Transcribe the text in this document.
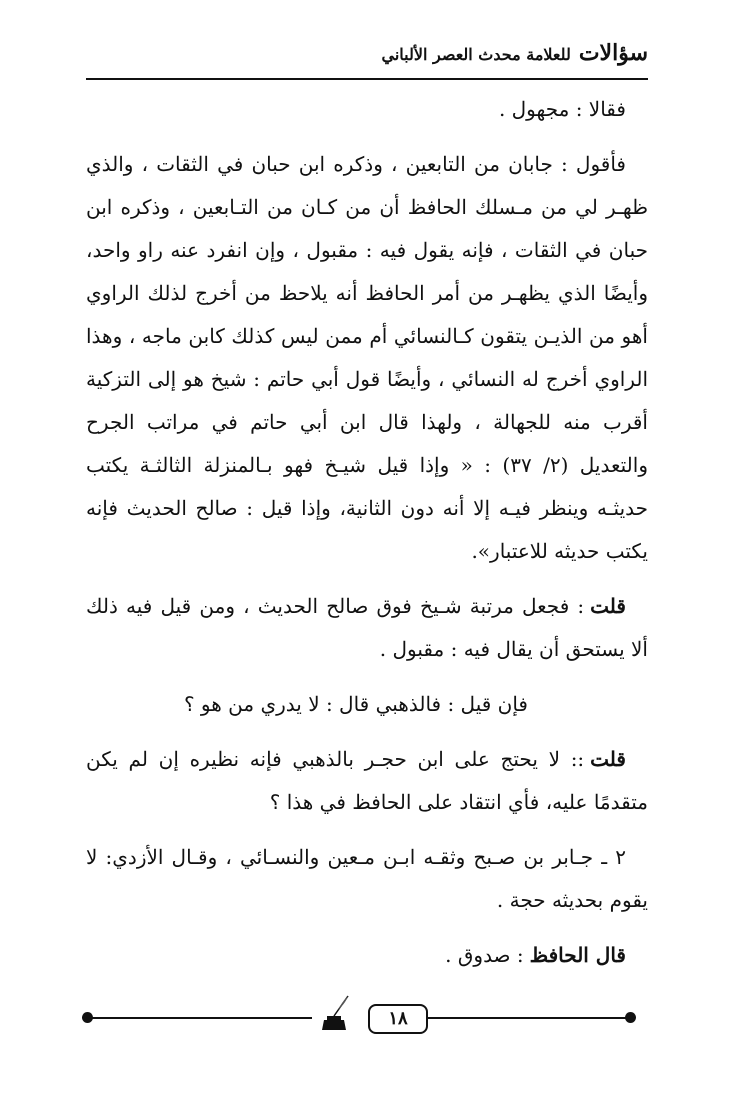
سؤالات
للعلامة محدث العصر الألباني

فقالا : مجهول .

فأقول : جابان من التابعين ، وذكره ابن حبان في الثقات ، والذي ظهـر لي من مـسلك الحافظ أن من كـان من التـابعين ، وذكره ابن حبان في الثقات ، فإنه يقول فيه : مقبول ، وإن انفرد عنه راو واحد، وأيضًا الذي يظهـر من أمر الحافظ أنه يلاحظ من أخرج لذلك الراوي أهو من الذيـن يتقون كـالنسائي أم ممن ليس كذلك كابن ماجه ، وهذا الراوي أخرج له النسائي ، وأيضًا قول أبي حاتم : شيخ هو إلى التزكية أقرب منه للجهالة ، ولهذا قال ابن أبي حاتم في مراتب الجرح والتعديل (٢/ ٣٧) : « وإذا قيل شيـخ فهو بـالمنزلة الثالثـة يكتب حديثـه وينظر فيـه إلا أنه دون الثانية، وإذا قيل : صالح الحديث فإنه يكتب حديثه للاعتبار».

قلت: فجعل مرتبة شـيخ فوق صالح الحديث ، ومن قيل فيه ذلك ألا يستحق أن يقال فيه : مقبول .

فإن قيل : فالذهبي قال : لا يدري من هو ؟

قلت:: لا يحتج على ابن حجـر بالذهبي فإنه نظيره إن لم يكن متقدمًا عليه، فأي انتقاد على الحافظ في هذا ؟

٢ ـ جـابر بن صـبح وثقـه ابـن مـعين والنسـائي ، وقـال الأزدي: لا يقوم بحديثه حجة .

قال الحافظ: صدوق .

١٨
